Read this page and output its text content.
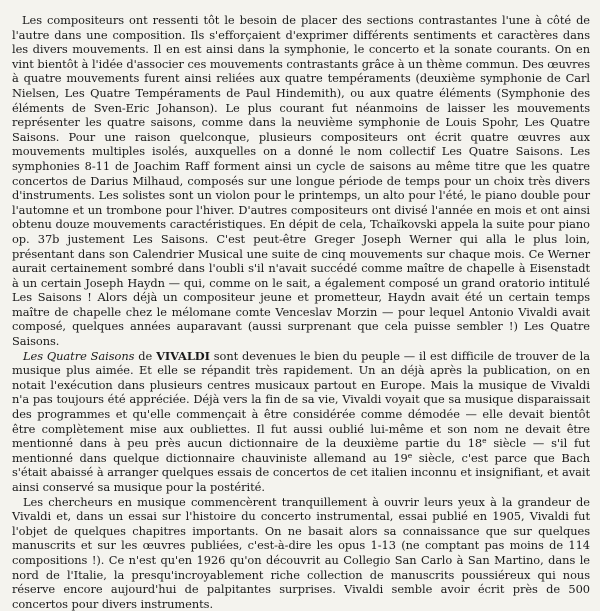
Les compositeurs ont ressenti tôt le besoin de placer des sections contrastantes l'une à côté de l'autre dans une composition. Ils s'efforçaient d'exprimer différents sentiments et caractères dans les divers mouvements. Il en est ainsi dans la symphonie, le concerto et la sonate courants. On en vint bientôt à l'idée d'associer ces mouvements contrastants grâce à un thème commun. Des œuvres à quatre mouvements furent ainsi reliées aux quatre tempéraments (deuxième symphonie de Carl Nielsen, Les Quatre Tempéraments de Paul Hindemith), ou aux quatre éléments (Symphonie des éléments de Sven-Eric Johanson). Le plus courant fut néanmoins de laisser les mouvements représenter les quatre saisons, comme dans la neuvième symphonie de Louis Spohr, Les Quatre Saisons. Pour une raison quelconque, plusieurs compositeurs ont écrit quatre œuvres aux mouvements multiples isolés, auxquelles on a donné le nom collectif Les Quatre Saisons. Les symphonies 8-11 de Joachim Raff forment ainsi un cycle de saisons au même titre que les quatre concertos de Darius Milhaud, composés sur une longue période de temps pour un choix très divers d'instruments. Les solistes sont un violon pour le printemps, un alto pour l'été, le piano double pour l'automne et un trombone pour l'hiver. D'autres compositeurs ont divisé l'année en mois et ont ainsi obtenu douze mouvements caractéristiques. En dépit de cela, Tchaïkovski appela la suite pour piano op. 37b justement Les Saisons. C'est peut-être Greger Joseph Werner qui alla le plus loin, présentant dans son Calendrier Musical une suite de cinq mouvements sur chaque mois. Ce Werner aurait certainement sombré dans l'oubli s'il n'avait succédé comme maître de chapelle à Eisenstadt à un certain Joseph Haydn — qui, comme on le sait, a également composé un grand oratorio intitulé Les Saisons ! Alors déjà un compositeur jeune et prometteur, Haydn avait été un certain temps maître de chapelle chez le mélomane comte Venceslav Morzin — pour lequel Antonio Vivaldi avait composé, quelques années auparavant (aussi surprenant que cela puisse sembler !) Les Quatre Saisons.

Les Quatre Saisons de VIVALDI sont devenues le bien du peuple — il est difficile de trouver de la musique plus aimée. Et elle se répandit très rapidement. Un an déjà après la publication, on en notait l'exécution dans plusieurs centres musicaux partout en Europe. Mais la musique de Vivaldi n'a pas toujours été appréciée. Déjà vers la fin de sa vie, Vivaldi voyait que sa musique disparaissait des programmes et qu'elle commençait à être considérée comme démodée — elle devait bientôt être complètement mise aux oubliettes. Il fut aussi oublié lui-même et son nom ne devait être mentionné dans à peu près aucun dictionnaire de la deuxième partie du 18e siècle — s'il fut mentionné dans quelque dictionnaire chauviniste allemand au 19e siècle, c'est parce que Bach s'était abaissé à arranger quelques essais de concertos de cet italien inconnu et insignifiant, et avait ainsi conservé sa musique pour la postérité.

Les chercheurs en musique commencèrent tranquillement à ouvrir leurs yeux à la grandeur de Vivaldi et, dans un essai sur l'histoire du concerto instrumental, essai publié en 1905, Vivaldi fut l'objet de quelques chapitres importants. On ne basait alors sa connaissance que sur quelques manuscrits et sur les œuvres publiées, c'est-à-dire les opus 1-13 (ne comptant pas moins de 114 compositions !). Ce n'est qu'en 1926 qu'on découvrit au Collegio San Carlo à San Martino, dans le nord de l'Italie, la presqu'incroyablement riche collection de manuscrits poussiéreux qui nous réserve encore aujourd'hui de palpitantes surprises. Vivaldi semble avoir écrit près de 500 concertos pour divers instruments.
